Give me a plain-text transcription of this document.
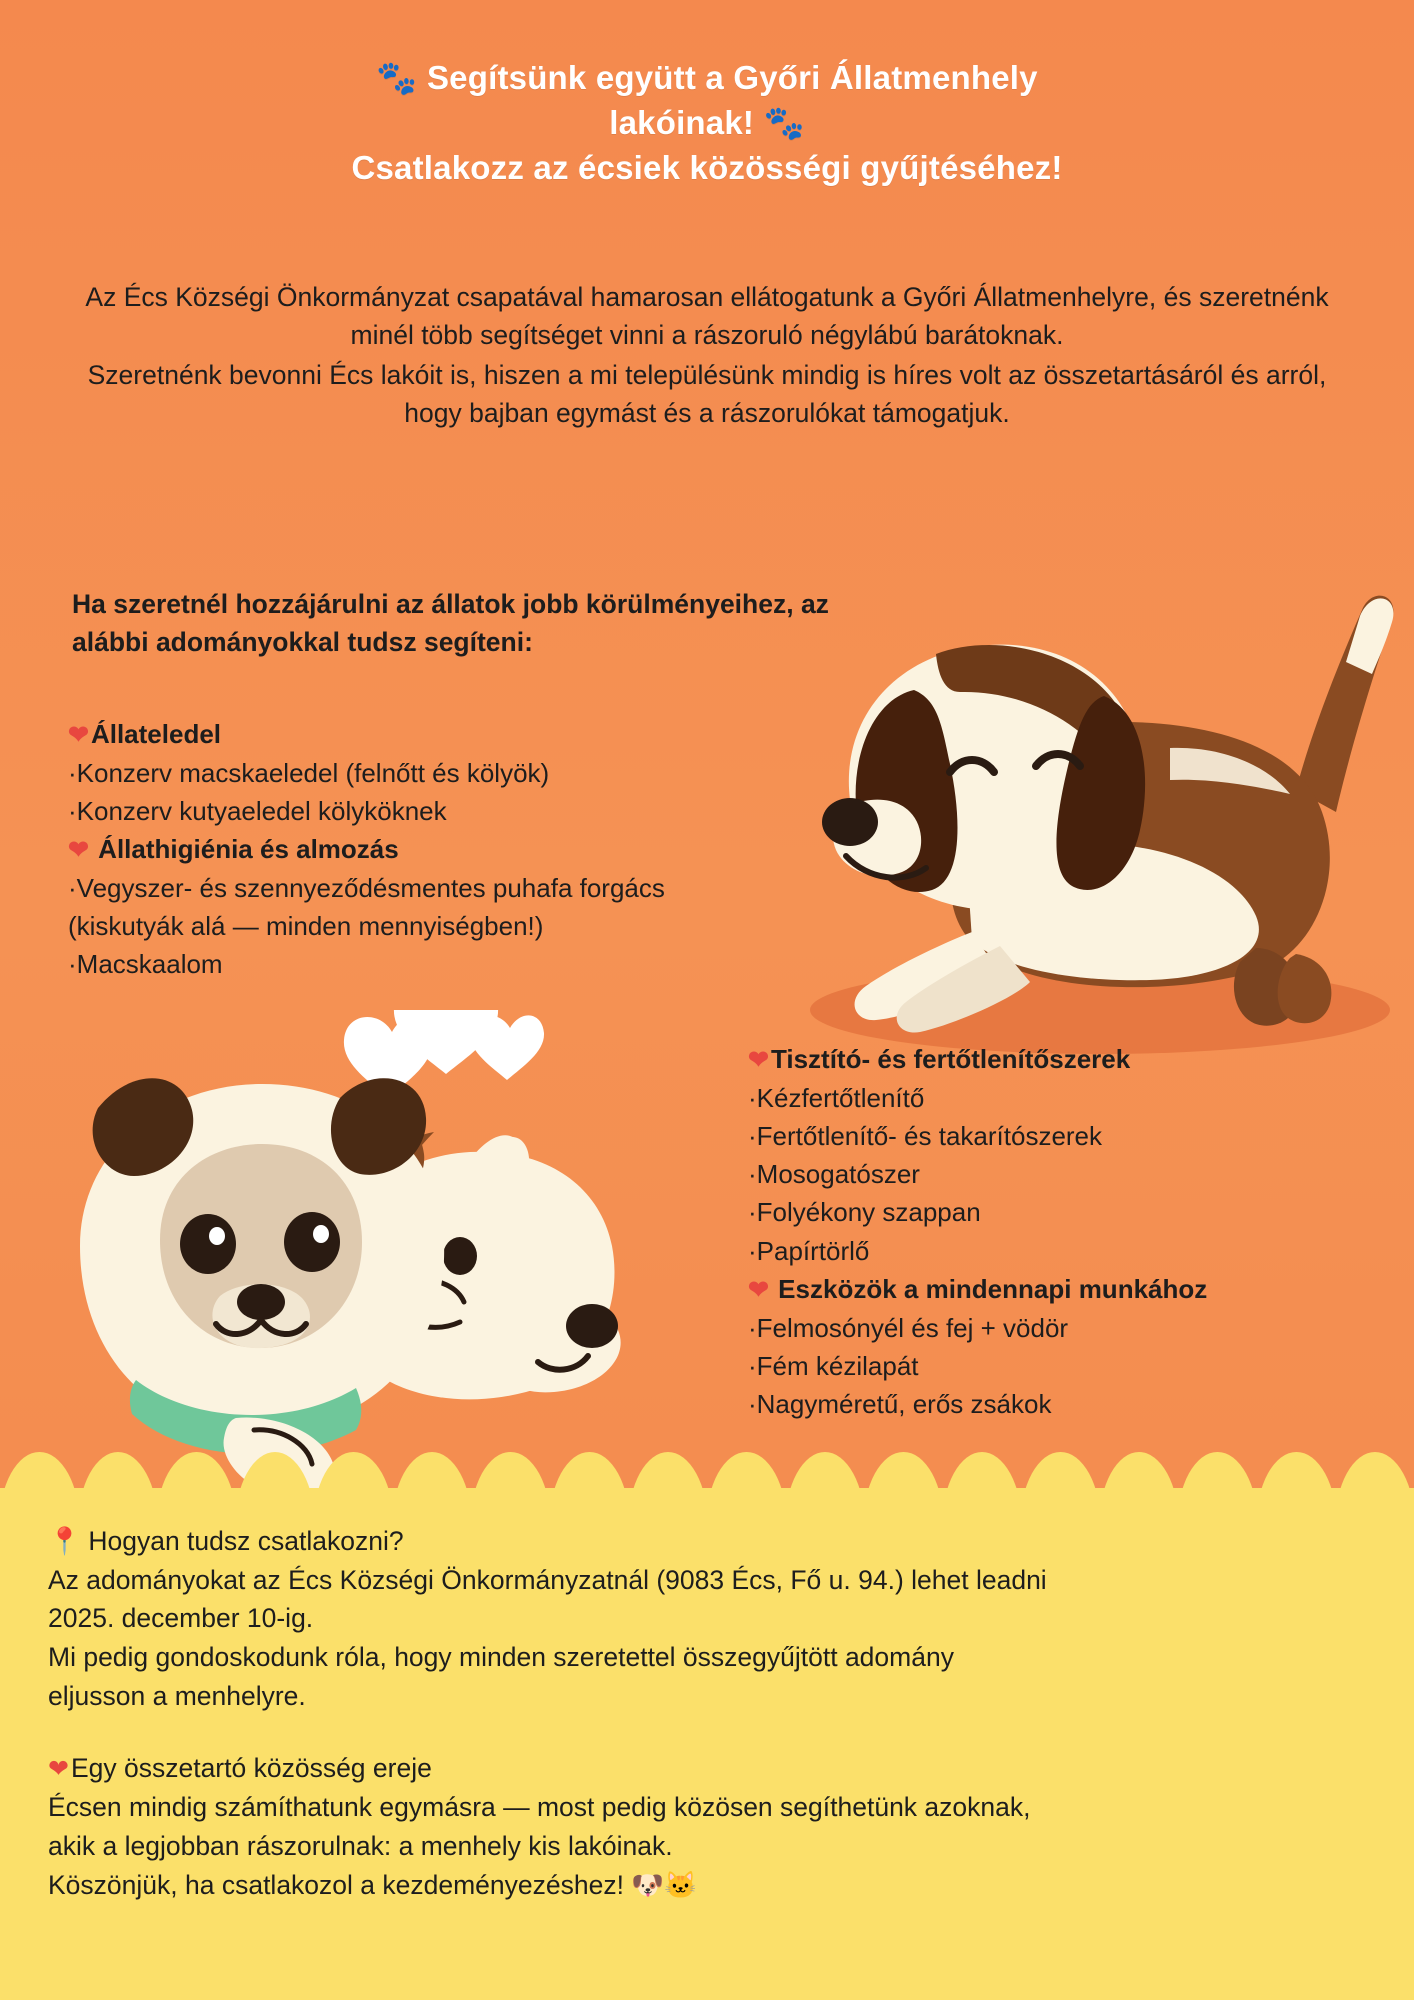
🐾 Segítsünk együtt a Győri Állatmenhely
lakóinak! 🐾
Csatlakozz az écsiek közösségi gyűjtéséhez!

Az Écs Községi Önkormányzat csapatával hamarosan ellátogatunk a Győri Állatmenhelyre, és szeretnénk minél több segítséget vinni a rászoruló négylábú barátoknak.

Szeretnénk bevonni Écs lakóit is, hiszen a mi településünk mindig is híres volt az összetartásáról és arról, hogy bajban egymást és a rászorulókat támogatjuk.

Ha szeretnél hozzájárulni az állatok jobb körülményeihez, az alábbi adományokkal tudsz segíteni:
❤Állateledel
·Konzerv macskaeledel (felnőtt és kölyök)
·Konzerv kutyaeledel kölyköknek
❤ Állathigiénia és almozás
·Vegyszer- és szennyeződésmentes puhafa forgács
(kiskutyák alá — minden mennyiségben!)
·Macskaalom
❤Tisztító- és fertőtlenítőszerek
·Kézfertőtlenítő
·Fertőtlenítő- és takarítószerek
·Mosogatószer
·Folyékony szappan
·Papírtörlő
❤ Eszközök a mindennapi munkához
·Felmosónyél és fej + vödör
·Fém kézilapát
·Nagyméretű, erős zsákok

📍 Hogyan tudsz csatlakozni?

Az adományokat az Écs Községi Önkormányzatnál (9083 Écs, Fő u. 94.) lehet leadni

2025. december 10-ig.

Mi pedig gondoskodunk róla, hogy minden szeretettel összegyűjtött adomány

eljusson a menhelyre.

❤Egy összetartó közösség ereje

Écsen mindig számíthatunk egymásra — most pedig közösen segíthetünk azoknak,

akik a legjobban rászorulnak: a menhely kis lakóinak.

Köszönjük, ha csatlakozol a kezdeményezéshez! 🐶🐱
